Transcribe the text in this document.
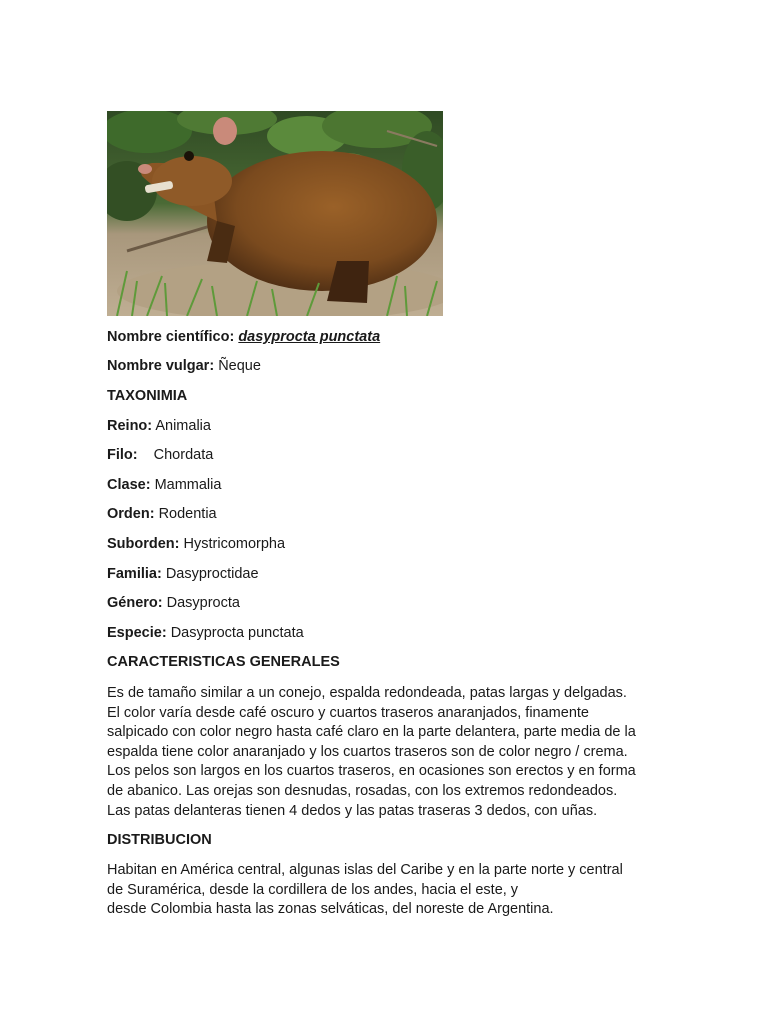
Nombre científico: dasyprocta punctata
Nombre vulgar: Ñeque
TAXONIMIA
Reino: Animalia
Filo: Chordata
Clase: Mammalia
Orden: Rodentia
Suborden: Hystricomorpha
Familia: Dasyproctidae
Género: Dasyprocta
Especie: Dasyprocta punctata
CARACTERISTICAS GENERALES
Es de tamaño similar a un conejo, espalda redondeada, patas largas y delgadas.
El color varía desde café oscuro y cuartos traseros anaranjados, finamente
salpicado con color negro hasta café claro en la parte delantera, parte media de la
espalda tiene color anaranjado y los cuartos traseros son de color negro / crema.
Los pelos son largos en los cuartos traseros, en ocasiones son erectos y en forma
de abanico. Las orejas son desnudas, rosadas, con los extremos redondeados.
Las patas delanteras tienen 4 dedos y las patas traseras 3 dedos, con uñas.
DISTRIBUCION
Habitan en América central, algunas islas del Caribe y en la parte norte y central
de Suramérica, desde la cordillera de los andes, hacia el este, y
desde Colombia hasta las zonas selváticas, del noreste de Argentina.
